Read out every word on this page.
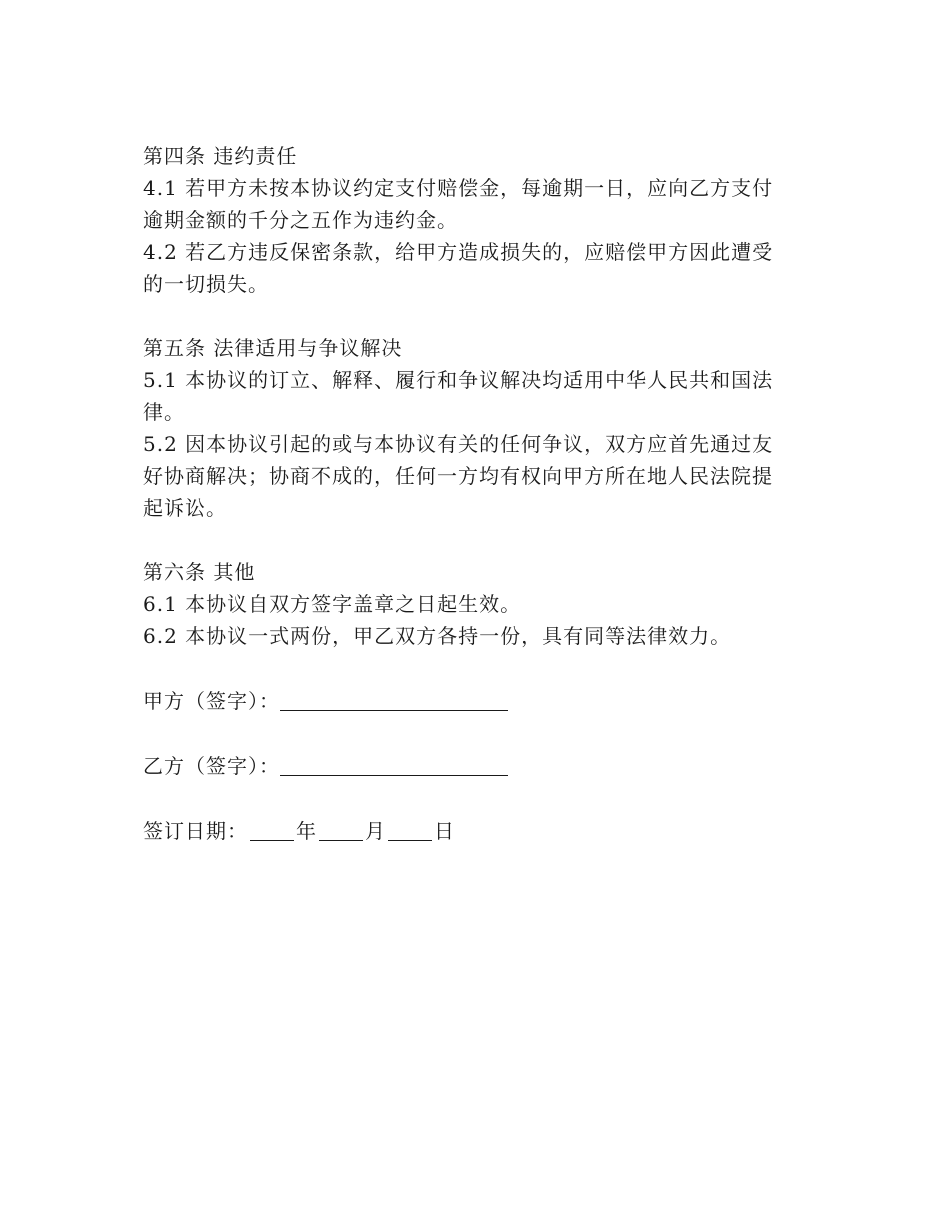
第四条 违约责任
4.1 若甲方未按本协议约定支付赔偿金，每逾期一日，应向乙方支付
逾期金额的千分之五作为违约金。
4.2 若乙方违反保密条款，给甲方造成损失的，应赔偿甲方因此遭受
的一切损失。
第五条 法律适用与争议解决
5.1 本协议的订立、解释、履行和争议解决均适用中华人民共和国法
律。
5.2 因本协议引起的或与本协议有关的任何争议，双方应首先通过友
好协商解决；协商不成的，任何一方均有权向甲方所在地人民法院提
起诉讼。
第六条 其他
6.1 本协议自双方签字盖章之日起生效。
6.2 本协议一式两份，甲乙双方各持一份，具有同等法律效力。
甲方（签字）：
乙方（签字）：
签订日期： 年 月 日
